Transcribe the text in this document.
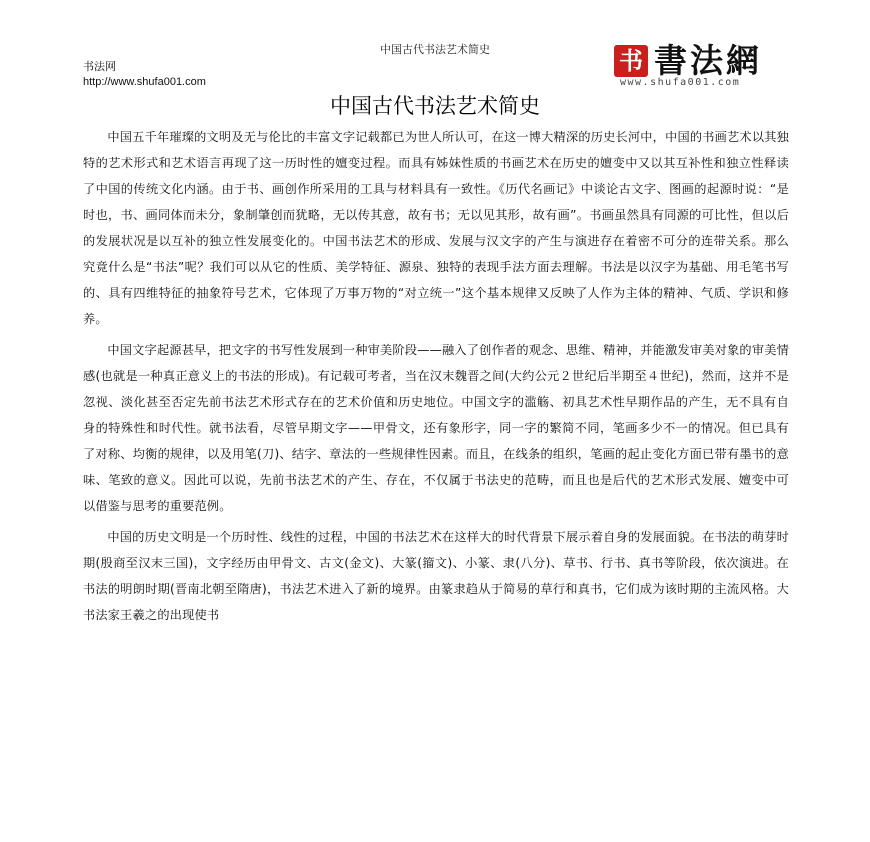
中国古代书法艺术简史
书法网
http://www.shufa001.com
书 書法網
www.shufa001.com
中国古代书法艺术简史

中国五千年璀璨的文明及无与伦比的丰富文字记载都已为世人所认可，在这一博大精深的历史长河中，中国的书画艺术以其独特的艺术形式和艺术语言再现了这一历时性的嬗变过程。而具有姊妹性质的书画艺术在历史的嬗变中又以其互补性和独立性释读了中国的传统文化内涵。由于书、画创作所采用的工具与材料具有一致性。《历代名画记》中谈论古文字、图画的起源时说：“是时也，书、画同体而未分，象制肇创而犹略，无以传其意，故有书；无以见其形，故有画”。书画虽然具有同源的可比性，但以后的发展状况是以互补的独立性发展变化的。中国书法艺术的形成、发展与汉文字的产生与演进存在着密不可分的连带关系。那么究竟什么是“书法”呢？我们可以从它的性质、美学特征、源泉、独特的表现手法方面去理解。书法是以汉字为基础、用毛笔书写的、具有四维特征的抽象符号艺术，它体现了万事万物的“对立统一”这个基本规律又反映了人作为主体的精神、气质、学识和修养。

中国文字起源甚早，把文字的书写性发展到一种审美阶段——融入了创作者的观念、思维、精神，并能激发审美对象的审美情感(也就是一种真正意义上的书法的形成)。有记载可考者，当在汉末魏晋之间(大约公元２世纪后半期至４世纪)，然而，这并不是忽视、淡化甚至否定先前书法艺术形式存在的艺术价值和历史地位。中国文字的滥觞、初具艺术性早期作品的产生，无不具有自身的特殊性和时代性。就书法看，尽管早期文字——甲骨文，还有象形字，同一字的繁简不同，笔画多少不一的情况。但已具有了对称、均衡的规律，以及用笔(刀)、结字、章法的一些规律性因素。而且，在线条的组织，笔画的起止变化方面已带有墨书的意味、笔致的意义。因此可以说，先前书法艺术的产生、存在，不仅属于书法史的范畴，而且也是后代的艺术形式发展、嬗变中可以借鉴与思考的重要范例。

中国的历史文明是一个历时性、线性的过程，中国的书法艺术在这样大的时代背景下展示着自身的发展面貌。在书法的萌芽时期(殷商至汉末三国)，文字经历由甲骨文、古文(金文)、大篆(籀文)、小篆、隶(八分)、草书、行书、真书等阶段，依次演进。在书法的明朗时期(晋南北朝至隋唐)，书法艺术进入了新的境界。由篆隶趋从于简易的草行和真书，它们成为该时期的主流风格。大书法家王羲之的出现使书
